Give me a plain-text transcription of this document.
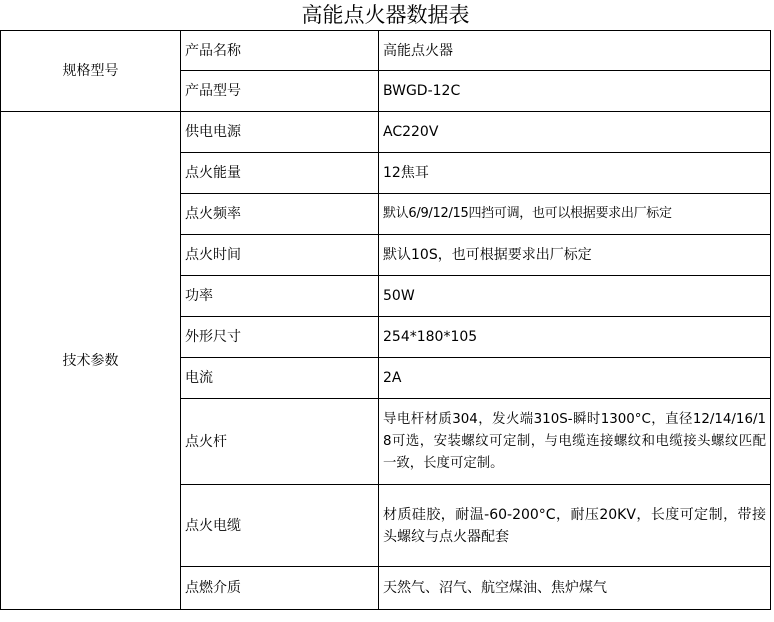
高能点火器数据表		
规格型号	产品名称	高能点火器
	产品型号	BWGD-12C
技术参数	供电电源	AC220V
	点火能量	12焦耳
	点火频率	默认6/9/12/15四挡可调，也可以根据要求出厂标定
	点火时间	默认10S，也可根据要求出厂标定
	功率	50W
	外形尺寸	254*180*105
	电流	2A
	点火杆	导电杆材质304，发火端310S-瞬时1300°C，直径12/14/16/18可选，安装螺纹可定制，与电缆连接螺纹和电缆接头螺纹匹配一致，长度可定制。
	点火电缆	材质硅胶，耐温-60-200°C，耐压20KV，长度可定制，带接头螺纹与点火器配套
	点燃介质	天然气、沼气、航空煤油、焦炉煤气
